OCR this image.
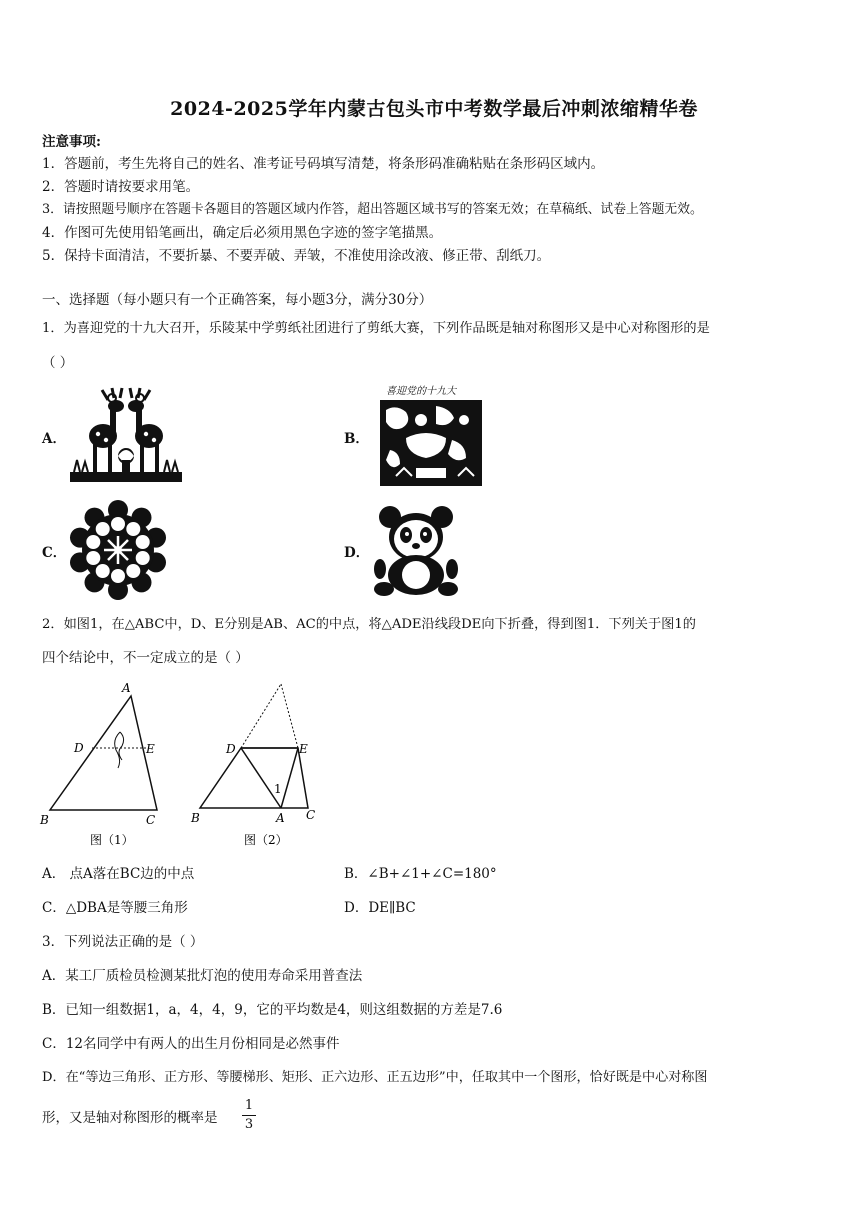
2024-2025学年内蒙古包头市中考数学最后冲刺浓缩精华卷
注意事项:
1．答题前，考生先将自己的姓名、准考证号码填写清楚，将条形码准确粘贴在条形码区域内。
2．答题时请按要求用笔。
3．请按照题号顺序在答题卡各题目的答题区域内作答，超出答题区域书写的答案无效；在草稿纸、试卷上答题无效。
4．作图可先使用铅笔画出，确定后必须用黑色字迹的签字笔描黑。
5．保持卡面清洁，不要折暴、不要弄破、弄皱，不准使用涂改液、修正带、刮纸刀。
一、选择题（每小题只有一个正确答案，每小题3分，满分30分）
1．为喜迎党的十九大召开，乐陵某中学剪纸社团进行了剪纸大赛，下列作品既是轴对称图形又是中心对称图形的是
（ ）
A．	B．
喜迎党的十九大
C．	D．
2．如图1，在△ABC中，D、E分别是AB、AC的中点，将△ADE沿线段DE向下折叠，得到图1．下列关于图1的
四个结论中，不一定成立的是（ ）
A
D	E
B	C
图（1）
D	E
1
B	A C
图（2）
A． 点A落在BC边的中点	B．∠B+∠1+∠C=180°
C．△DBA是等腰三角形	D．DE∥BC
3．下列说法正确的是（ ）
A．某工厂质检员检测某批灯泡的使用寿命采用普查法
B．已知一组数据1，a，4，4，9，它的平均数是4，则这组数据的方差是7.6
C．12名同学中有两人的出生月份相同是必然事件
D．在“等边三角形、正方形、等腰梯形、矩形、正六边形、正五边形”中，任取其中一个图形，恰好既是中心对称图
形，又是轴对称图形的概率是
1
3
